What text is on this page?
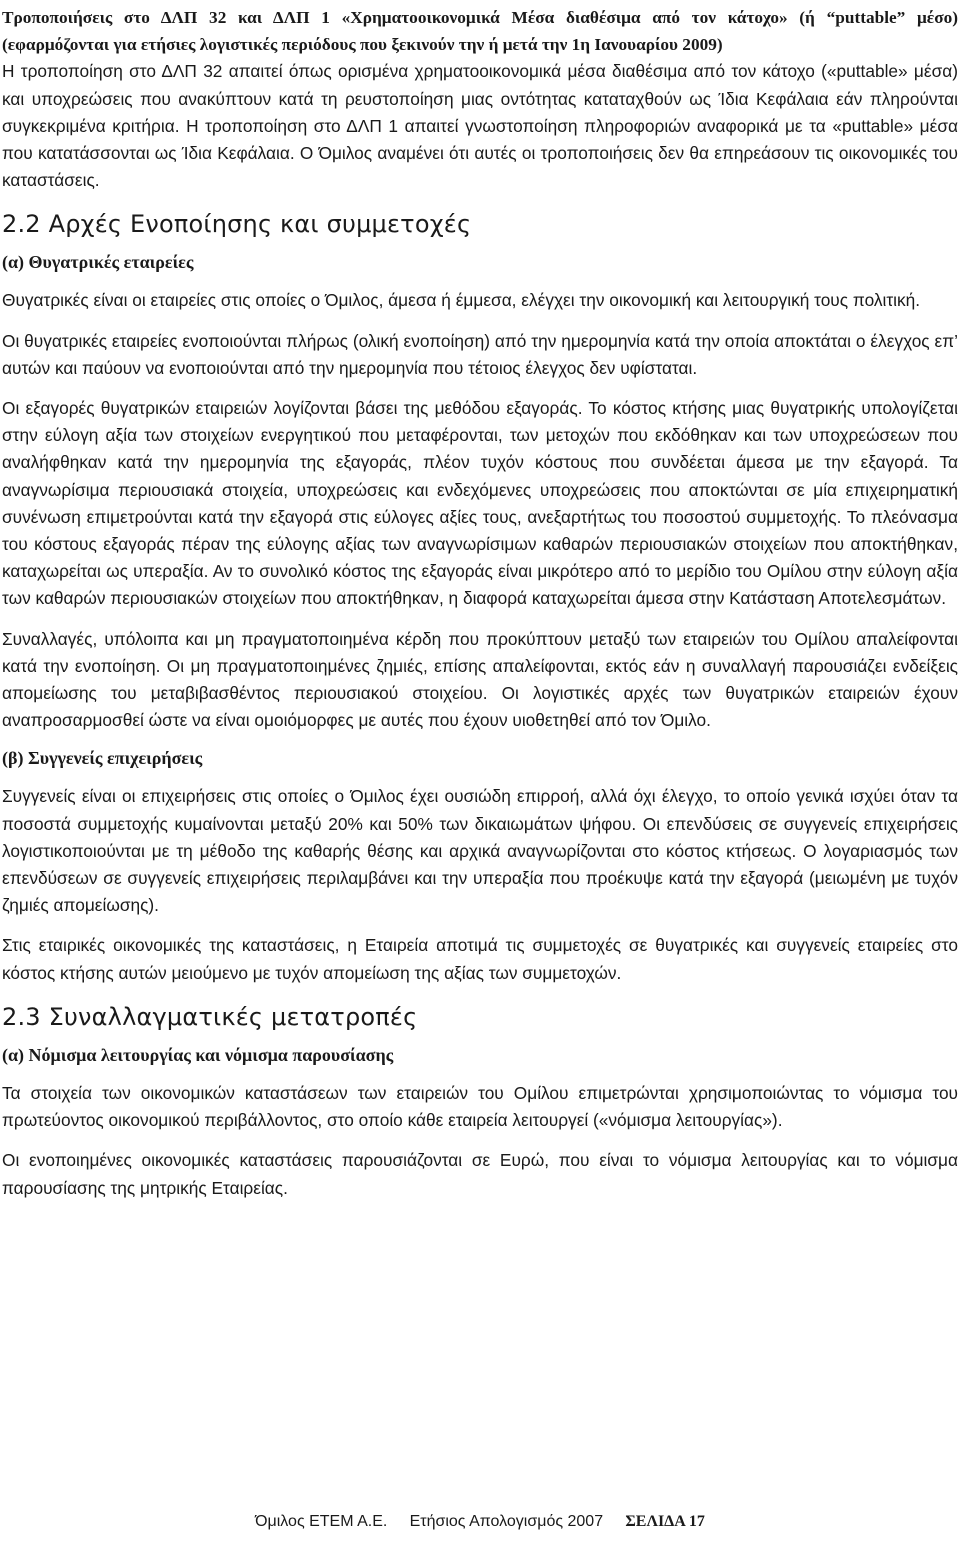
Τροποποιήσεις στο ΔΛΠ 32 και ΔΛΠ 1 «Χρηματοοικονομικά Μέσα διαθέσιμα από τον κάτοχο» (ή “puttable” μέσο) (εφαρμόζονται για ετήσιες λογιστικές περιόδους που ξεκινούν την ή μετά την 1η Ιανουαρίου 2009)
Η τροποποίηση στο ΔΛΠ 32 απαιτεί όπως ορισμένα χρηματοοικονομικά μέσα διαθέσιμα από τον κάτοχο («puttable» μέσα) και υποχρεώσεις που ανακύπτουν κατά τη ρευστοποίηση μιας οντότητας καταταχθούν ως Ίδια Κεφάλαια εάν πληρούνται συγκεκριμένα κριτήρια. Η τροποποίηση στο ΔΛΠ 1 απαιτεί γνωστοποίηση πληροφοριών αναφορικά με τα «puttable» μέσα που κατατάσσονται ως Ίδια Κεφάλαια. Ο Όμιλος αναμένει ότι αυτές οι τροποποιήσεις δεν θα επηρεάσουν τις οικονομικές του καταστάσεις.

2.2 Αρχές Ενοποίησης και συμμετοχές
(α) Θυγατρικές εταιρείες

Θυγατρικές είναι οι εταιρείες στις οποίες ο Όμιλος, άμεσα ή έμμεσα, ελέγχει την οικονομική και λειτουργική τους πολιτική.

Οι θυγατρικές εταιρείες ενοποιούνται πλήρως (ολική ενοποίηση) από την ημερομηνία κατά την οποία αποκτάται ο έλεγχος επ’ αυτών και παύουν να ενοποιούνται από την ημερομηνία που τέτοιος έλεγχος δεν υφίσταται.

Οι εξαγορές θυγατρικών εταιρειών λογίζονται βάσει της μεθόδου εξαγοράς. Το κόστος κτήσης μιας θυγατρικής υπολογίζεται στην εύλογη αξία των στοιχείων ενεργητικού που μεταφέρονται, των μετοχών που εκδόθηκαν και των υποχρεώσεων που αναλήφθηκαν κατά την ημερομηνία της εξαγοράς, πλέον τυχόν κόστους που συνδέεται άμεσα με την εξαγορά. Τα αναγνωρίσιμα περιουσιακά στοιχεία, υποχρεώσεις και ενδεχόμενες υποχρεώσεις που αποκτώνται σε μία επιχειρηματική συνένωση επιμετρούνται κατά την εξαγορά στις εύλογες αξίες τους, ανεξαρτήτως του ποσοστού συμμετοχής. Το πλεόνασμα του κόστους εξαγοράς πέραν της εύλογης αξίας των αναγνωρίσιμων καθαρών περιουσιακών στοιχείων που αποκτήθηκαν, καταχωρείται ως υπεραξία. Αν το συνολικό κόστος της εξαγοράς είναι μικρότερο από το μερίδιο του Ομίλου στην εύλογη αξία των καθαρών περιουσιακών στοιχείων που αποκτήθηκαν, η διαφορά καταχωρείται άμεσα στην Κατάσταση Αποτελεσμάτων.

Συναλλαγές, υπόλοιπα και μη πραγματοποιημένα κέρδη που προκύπτουν μεταξύ των εταιρειών του Ομίλου απαλείφονται κατά την ενοποίηση. Οι μη πραγματοποιημένες ζημιές, επίσης απαλείφονται, εκτός εάν η συναλλαγή παρουσιάζει ενδείξεις απομείωσης του μεταβιβασθέντος περιουσιακού στοιχείου. Οι λογιστικές αρχές των θυγατρικών εταιρειών έχουν αναπροσαρμοσθεί ώστε να είναι ομοιόμορφες με αυτές που έχουν υιοθετηθεί από τον Όμιλο.

(β) Συγγενείς επιχειρήσεις

Συγγενείς είναι οι επιχειρήσεις στις οποίες ο Όμιλος έχει ουσιώδη επιρροή, αλλά όχι έλεγχο, το οποίο γενικά ισχύει όταν τα ποσοστά συμμετοχής κυμαίνονται μεταξύ 20% και 50% των δικαιωμάτων ψήφου. Οι επενδύσεις σε συγγενείς επιχειρήσεις λογιστικοποιούνται με τη μέθοδο της καθαρής θέσης και αρχικά αναγνωρίζονται στο κόστος κτήσεως. Ο λογαριασμός των επενδύσεων σε συγγενείς επιχειρήσεις περιλαμβάνει και την υπεραξία που προέκυψε κατά την εξαγορά (μειωμένη με τυχόν ζημιές απομείωσης).

Στις εταιρικές οικονομικές της καταστάσεις, η Εταιρεία αποτιμά τις συμμετοχές σε θυγατρικές και συγγενείς εταιρείες στο κόστος κτήσης αυτών μειούμενο με τυχόν απομείωση της αξίας των συμμετοχών.

2.3 Συναλλαγματικές μετατροπές
(α) Νόμισμα λειτουργίας και νόμισμα παρουσίασης

Τα στοιχεία των οικονομικών καταστάσεων των εταιρειών του Ομίλου επιμετρώνται χρησιμοποιώντας το νόμισμα του πρωτεύοντος οικονομικού περιβάλλοντος, στο οποίο κάθε εταιρεία λειτουργεί («νόμισμα λειτουργίας»).

Οι ενοποιημένες οικονομικές καταστάσεις παρουσιάζονται σε Ευρώ, που είναι το νόμισμα λειτουργίας και το νόμισμα παρουσίασης της μητρικής Εταιρείας.

Όμιλος ΕΤΕΜ Α.Ε. Ετήσιος Απολογισμός 2007 ΣΕΛΙΔΑ 17
